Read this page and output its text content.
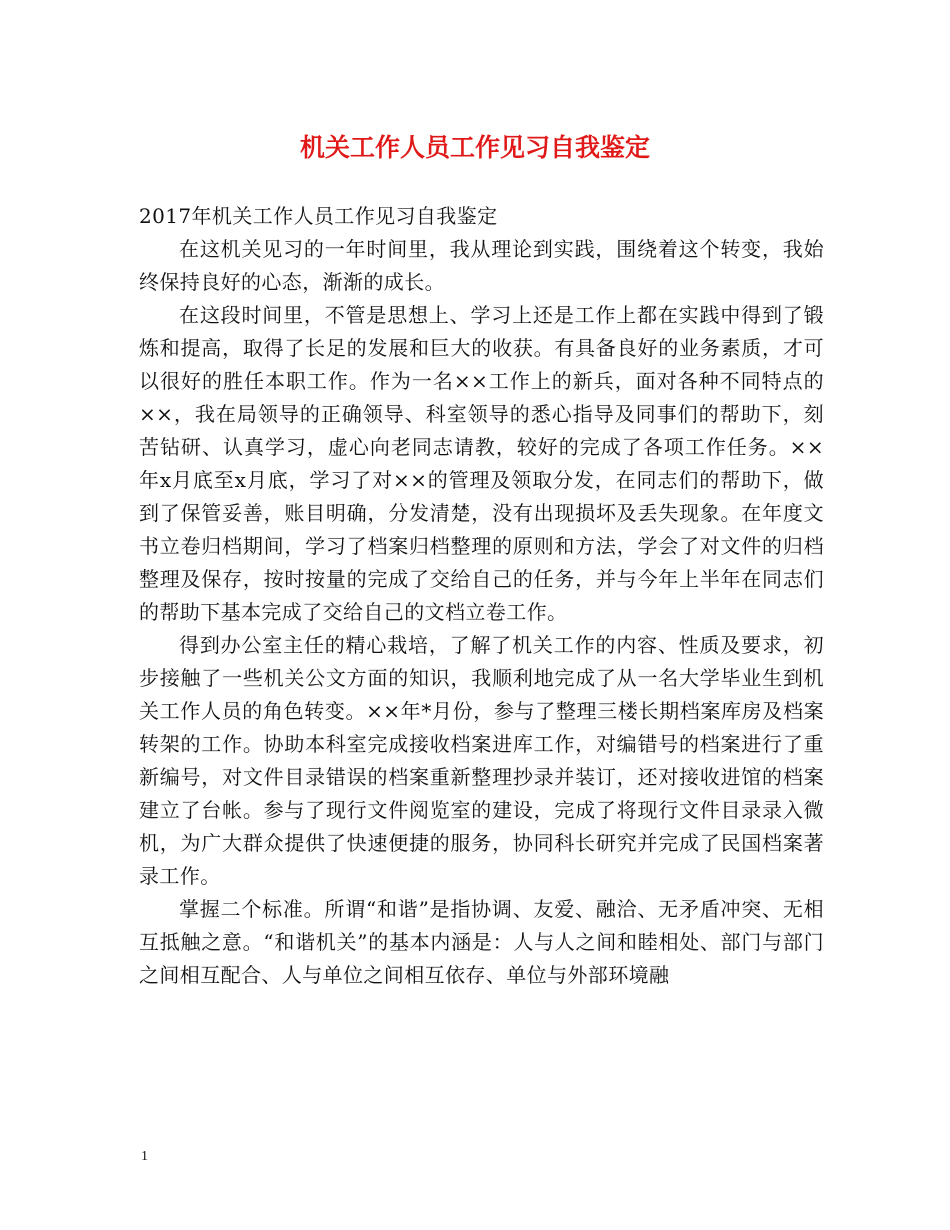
机关工作人员工作见习自我鉴定

2017年机关工作人员工作见习自我鉴定

在这机关见习的一年时间里，我从理论到实践，围绕着这个转变，我始终保持良好的心态，渐渐的成长。

在这段时间里，不管是思想上、学习上还是工作上都在实践中得到了锻炼和提高，取得了长足的发展和巨大的收获。有具备良好的业务素质，才可以很好的胜任本职工作。作为一名××工作上的新兵，面对各种不同特点的××，我在局领导的正确领导、科室领导的悉心指导及同事们的帮助下，刻苦钻研、认真学习，虚心向老同志请教，较好的完成了各项工作任务。××年x月底至x月底，学习了对××的管理及领取分发，在同志们的帮助下，做到了保管妥善，账目明确，分发清楚，没有出现损坏及丢失现象。在年度文书立卷归档期间，学习了档案归档整理的原则和方法，学会了对文件的归档整理及保存，按时按量的完成了交给自己的任务，并与今年上半年在同志们的帮助下基本完成了交给自己的文档立卷工作。

得到办公室主任的精心栽培，了解了机关工作的内容、性质及要求，初步接触了一些机关公文方面的知识，我顺利地完成了从一名大学毕业生到机关工作人员的角色转变。××年*月份，参与了整理三楼长期档案库房及档案转架的工作。协助本科室完成接收档案进库工作，对编错号的档案进行了重新编号，对文件目录错误的档案重新整理抄录并装订，还对接收进馆的档案建立了台帐。参与了现行文件阅览室的建设，完成了将现行文件目录录入微机，为广大群众提供了快速便捷的服务，协同科长研究并完成了民国档案著录工作。

掌握二个标准。所谓“和谐”是指协调、友爱、融洽、无矛盾冲突、无相互抵触之意。“和谐机关”的基本内涵是：人与人之间和睦相处、部门与部门之间相互配合、人与单位之间相互依存、单位与外部环境融

1
